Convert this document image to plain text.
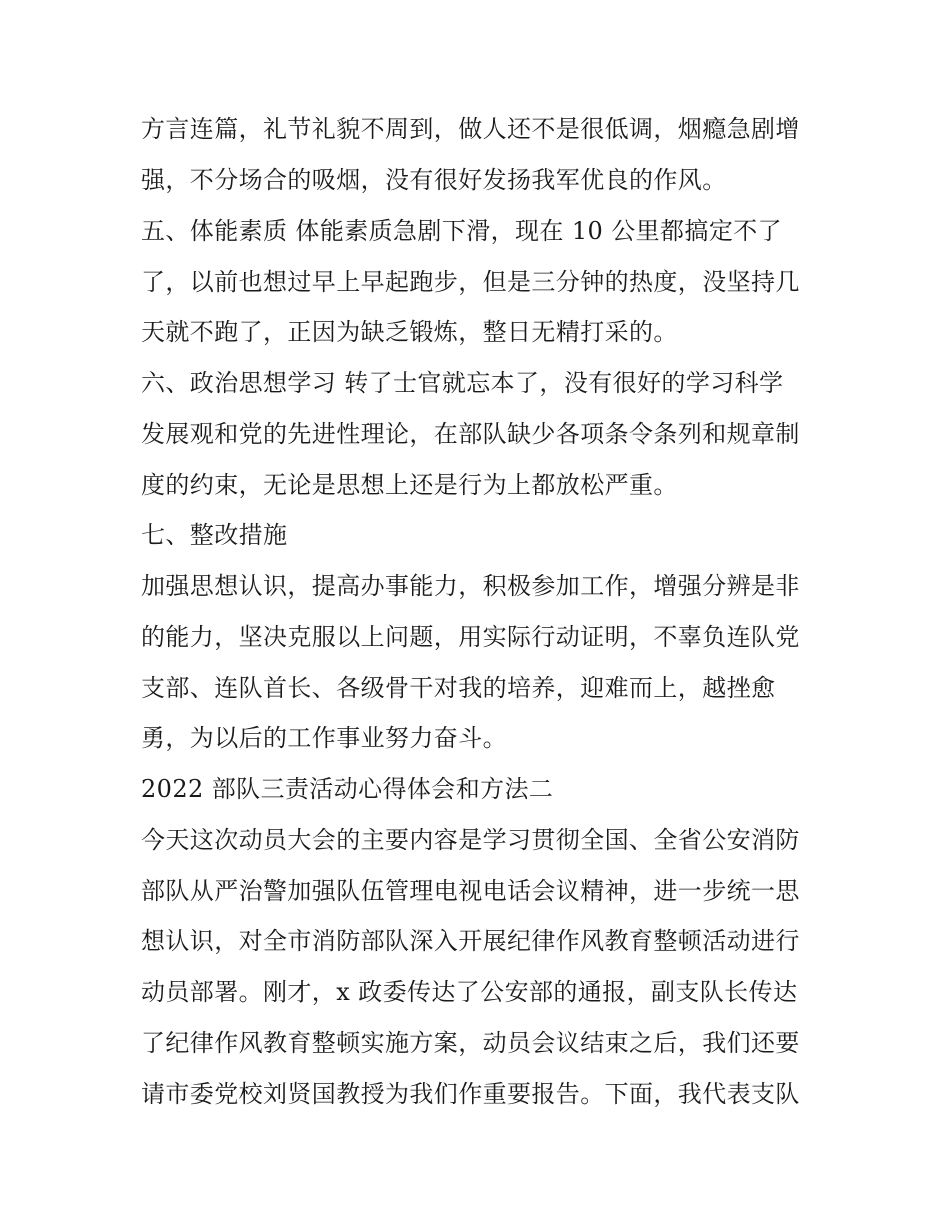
方言连篇，礼节礼貌不周到，做人还不是很低调，烟瘾急剧增
强，不分场合的吸烟，没有很好发扬我军优良的作风。
五、体能素质 体能素质急剧下滑，现在 10 公里都搞定不了
了，以前也想过早上早起跑步，但是三分钟的热度，没坚持几
天就不跑了，正因为缺乏锻炼，整日无精打采的。
六、政治思想学习 转了士官就忘本了，没有很好的学习科学
发展观和党的先进性理论，在部队缺少各项条令条列和规章制
度的约束，无论是思想上还是行为上都放松严重。
七、整改措施
加强思想认识，提高办事能力，积极参加工作，增强分辨是非
的能力，坚决克服以上问题，用实际行动证明，不辜负连队党
支部、连队首长、各级骨干对我的培养，迎难而上，越挫愈
勇，为以后的工作事业努力奋斗。
2022 部队三责活动心得体会和方法二
今天这次动员大会的主要内容是学习贯彻全国、全省公安消防
部队从严治警加强队伍管理电视电话会议精神，进一步统一思
想认识，对全市消防部队深入开展纪律作风教育整顿活动进行
动员部署。刚才，x 政委传达了公安部的通报，副支队长传达
了纪律作风教育整顿实施方案，动员会议结束之后，我们还要
请市委党校刘贤国教授为我们作重要报告。下面，我代表支队
